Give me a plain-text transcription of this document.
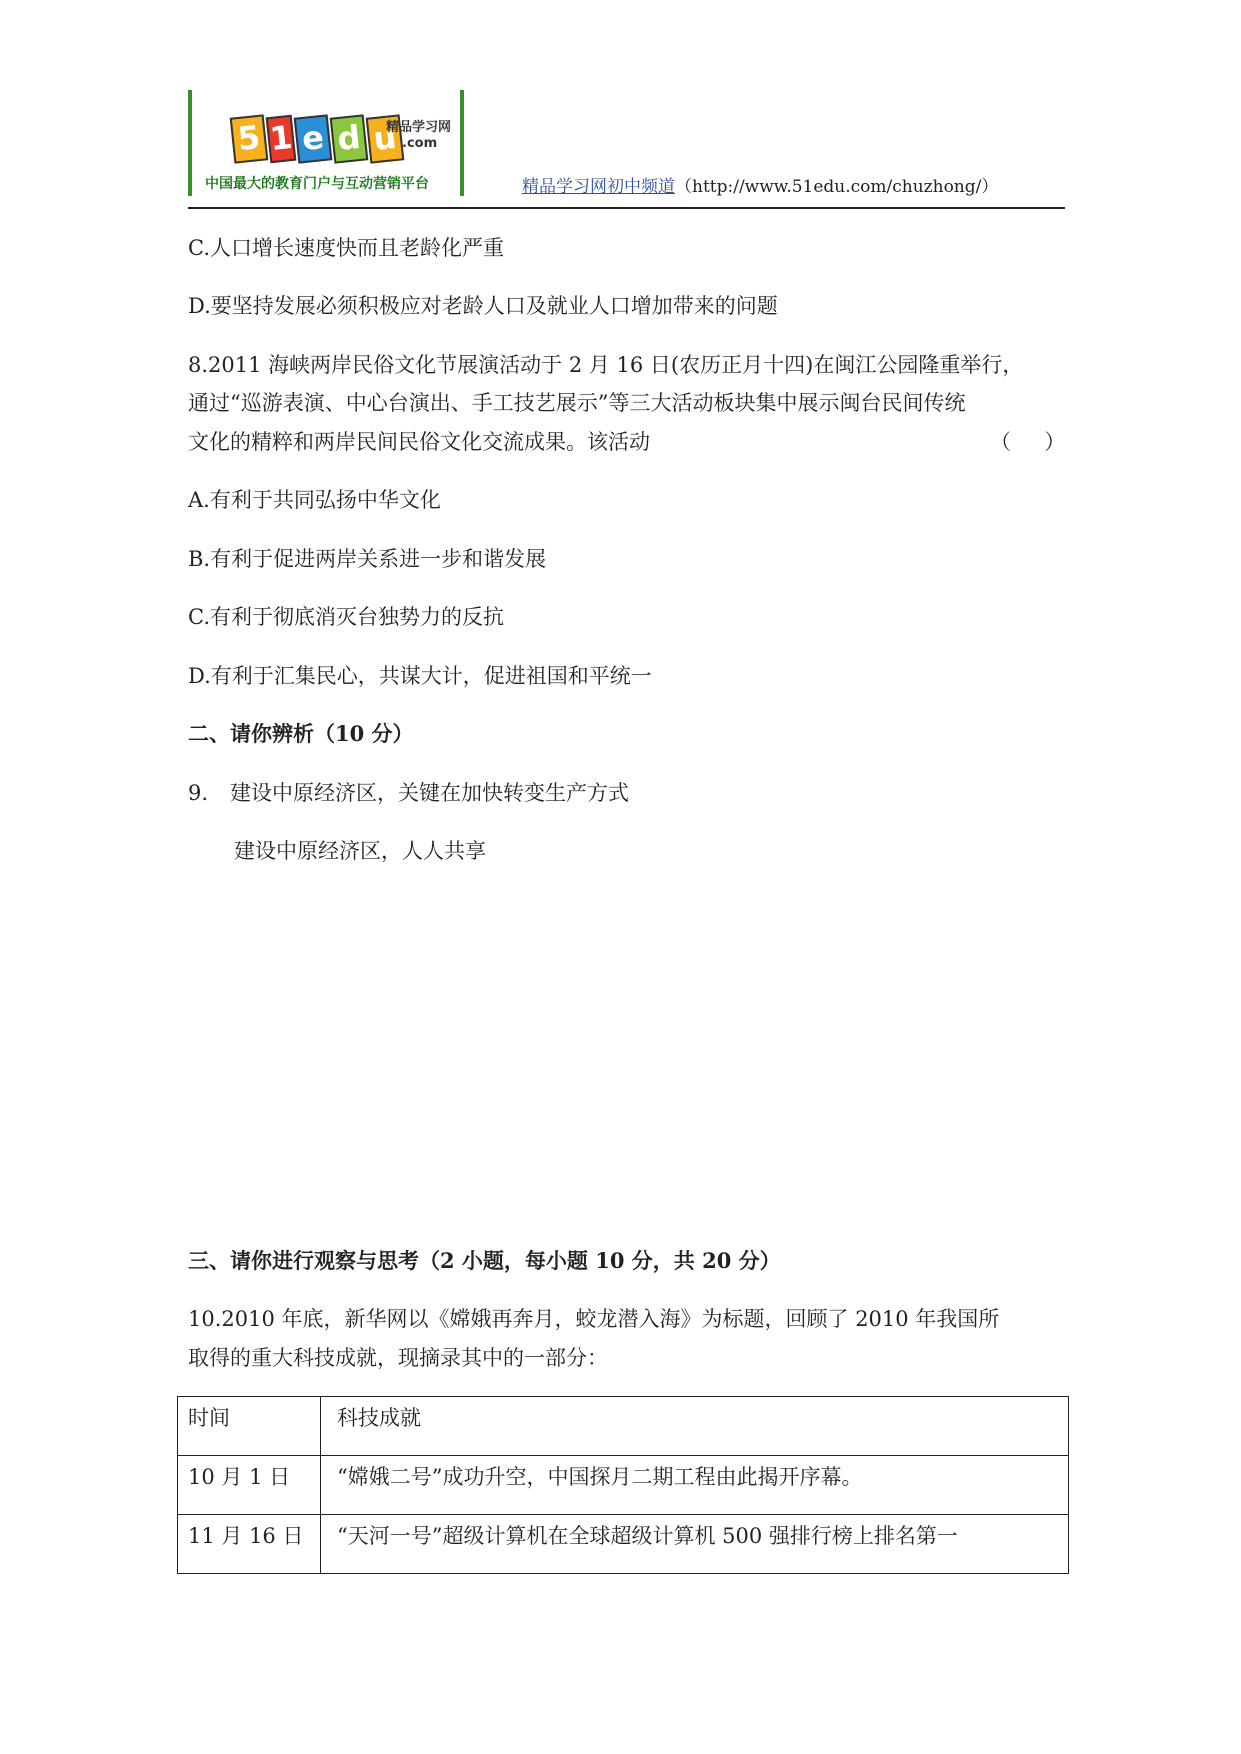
5 1 e d u
精品学习网
.com
中国最大的教育门户与互动营销平台	精品学习网初中频道（http://www.51edu.com/chuzhong/）
C.人口增长速度快而且老龄化严重
D.要坚持发展必须积极应对老龄人口及就业人口增加带来的问题
8.2011 海峡两岸民俗文化节展演活动于 2 月 16 日(农历正月十四)在闽江公园隆重举行，
通过“巡游表演、中心台演出、手工技艺展示”等三大活动板块集中展示闽台民间传统
文化的精粹和两岸民间民俗文化交流成果。该活动	（     ）
A.有利于共同弘扬中华文化
B.有利于促进两岸关系进一步和谐发展
C.有利于彻底消灭台独势力的反抗
D.有利于汇集民心，共谋大计，促进祖国和平统一
二、请你辨析（10 分）
9. 建设中原经济区，关键在加快转变生产方式
建设中原经济区，人人共享
三、请你进行观察与思考（2 小题，每小题 10 分，共 20 分）
10.2010 年底，新华网以《嫦娥再奔月，蛟龙潜入海》为标题，回顾了 2010 年我国所
取得的重大科技成就，现摘录其中的一部分：
时间	科技成就
10 月 1 日	“嫦娥二号”成功升空，中国探月二期工程由此揭开序幕。
11 月 16 日	“天河一号”超级计算机在全球超级计算机 500 强排行榜上排名第一
